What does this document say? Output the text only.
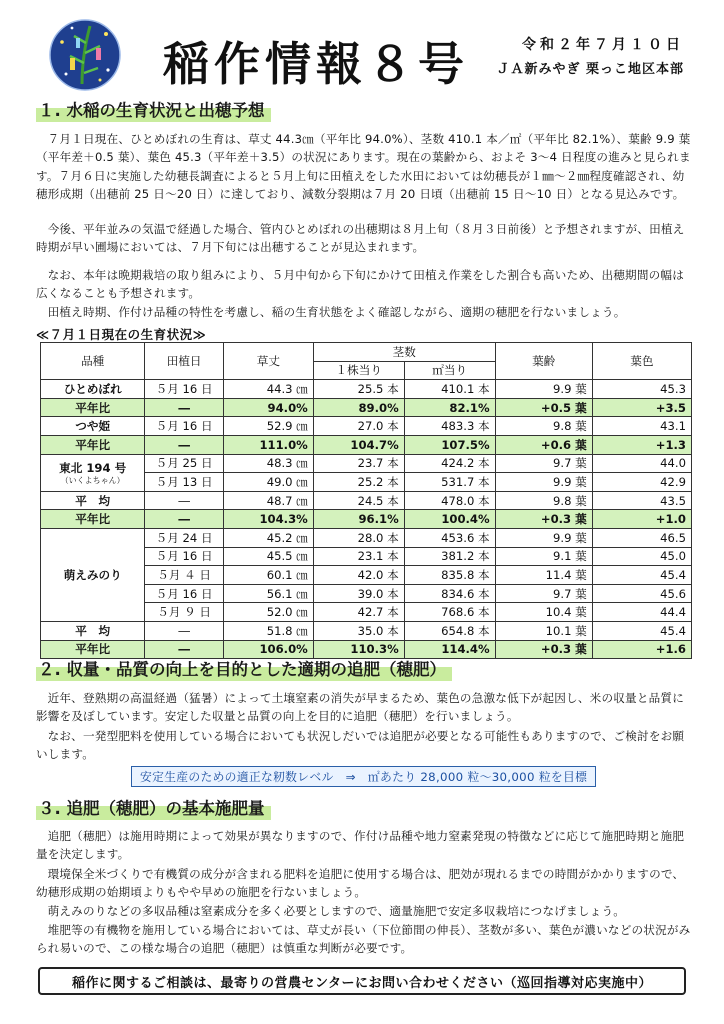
稲作情報８号	令和２年７月１０日
ＪＡ新みやぎ 栗っこ地区本部
１. 水稲の生育状況と出穂予想

７月１日現在、ひとめぼれの生育は、草丈 44.3㎝（平年比 94.0%）、茎数 410.1 本／㎡（平年比 82.1%）、葉齢 9.9 葉（平年差＋0.5 葉）、葉色 45.3（平年差＋3.5）の状況にあります。現在の葉齢から、およそ 3～4 日程度の進みと見られます。７月６日に実施した幼穂長調査によると５月上旬に田植えをした水田においては幼穂長が１㎜～２㎜程度確認され、幼穂形成期（出穂前 25 日～20 日）に達しており、減数分裂期は７月 20 日頃（出穂前 15 日～10 日）となる見込みです。

今後、平年並みの気温で経過した場合、管内ひとめぼれの出穂期は８月上旬（８月３日前後）と予想されますが、田植え時期が早い圃場においては、７月下旬には出穂することが見込まれます。

なお、本年は晩期栽培の取り組みにより、５月中旬から下旬にかけて田植え作業をした割合も高いため、出穂期間の幅は広くなることも予想されます。

田植え時期、作付け品種の特性を考慮し、稲の生育状態をよく確認しながら、適期の穂肥を行ないましょう。

≪７月１日現在の生育状況≫
品種	田植日	草丈	茎数		葉齢	葉色
			１株当り	㎡当り		
ひとめぼれ	５月 16 日	44.3 ㎝	25.5 本	410.1 本	9.9 葉	45.3
平年比	―	94.0%	89.0%	82.1%	+0.5 葉	+3.5
つや姫	５月 16 日	52.9 ㎝	27.0 本	483.3 本	9.8 葉	43.1
平年比	―	111.0%	104.7%	107.5%	+0.6 葉	+1.3
東北 194 号
（いくよちゃん）	５月 25 日	48.3 ㎝	23.7 本	424.2 本	9.7 葉	44.0
	５月 13 日	49.0 ㎝	25.2 本	531.7 本	9.9 葉	42.9
平　均	―	48.7 ㎝	24.5 本	478.0 本	9.8 葉	43.5
平年比	―	104.3%	96.1%	100.4%	+0.3 葉	+1.0
萌えみのり	５月 24 日	45.2 ㎝	28.0 本	453.6 本	9.9 葉	46.5
	５月 16 日	45.5 ㎝	23.1 本	381.2 本	9.1 葉	45.0
	５月 ４ 日	60.1 ㎝	42.0 本	835.8 本	11.4 葉	45.4
	５月 16 日	56.1 ㎝	39.0 本	834.6 本	9.7 葉	45.6
	５月 ９ 日	52.0 ㎝	42.7 本	768.6 本	10.4 葉	44.4
平　均	―	51.8 ㎝	35.0 本	654.8 本	10.1 葉	45.4
平年比	―	106.0%	110.3%	114.4%	+0.3 葉	+1.6
２. 収量・品質の向上を目的とした適期の追肥（穂肥）

近年、登熟期の高温経過（猛暑）によって土壌窒素の消失が早まるため、葉色の急激な低下が起因し、米の収量と品質に影響を及ぼしています。安定した収量と品質の向上を目的に追肥（穂肥）を行いましょう。

なお、一発型肥料を使用している場合においても状況しだいでは追肥が必要となる可能性もありますので、ご検討をお願いします。

安定生産のための適正な籾数レベル　⇒　㎡あたり 28,000 粒～30,000 粒を目標
３. 追肥（穂肥）の基本施肥量

追肥（穂肥）は施用時期によって効果が異なりますので、作付け品種や地力窒素発現の特徴などに応じて施肥時期と施肥量を決定します。

環境保全米づくりで有機質の成分が含まれる肥料を追肥に使用する場合は、肥効が現れるまでの時間がかかりますので、幼穂形成期の始期頃よりもやや早めの施肥を行ないましょう。

萌えみのりなどの多収品種は窒素成分を多く必要としますので、適量施肥で安定多収栽培につなげましょう。

堆肥等の有機物を施用している場合においては、草丈が長い（下位節間の伸長）、茎数が多い、葉色が濃いなどの状況がみられ易いので、この様な場合の追肥（穂肥）は慎重な判断が必要です。

稲作に関するご相談は、最寄りの営農センターにお問い合わせください（巡回指導対応実施中）
